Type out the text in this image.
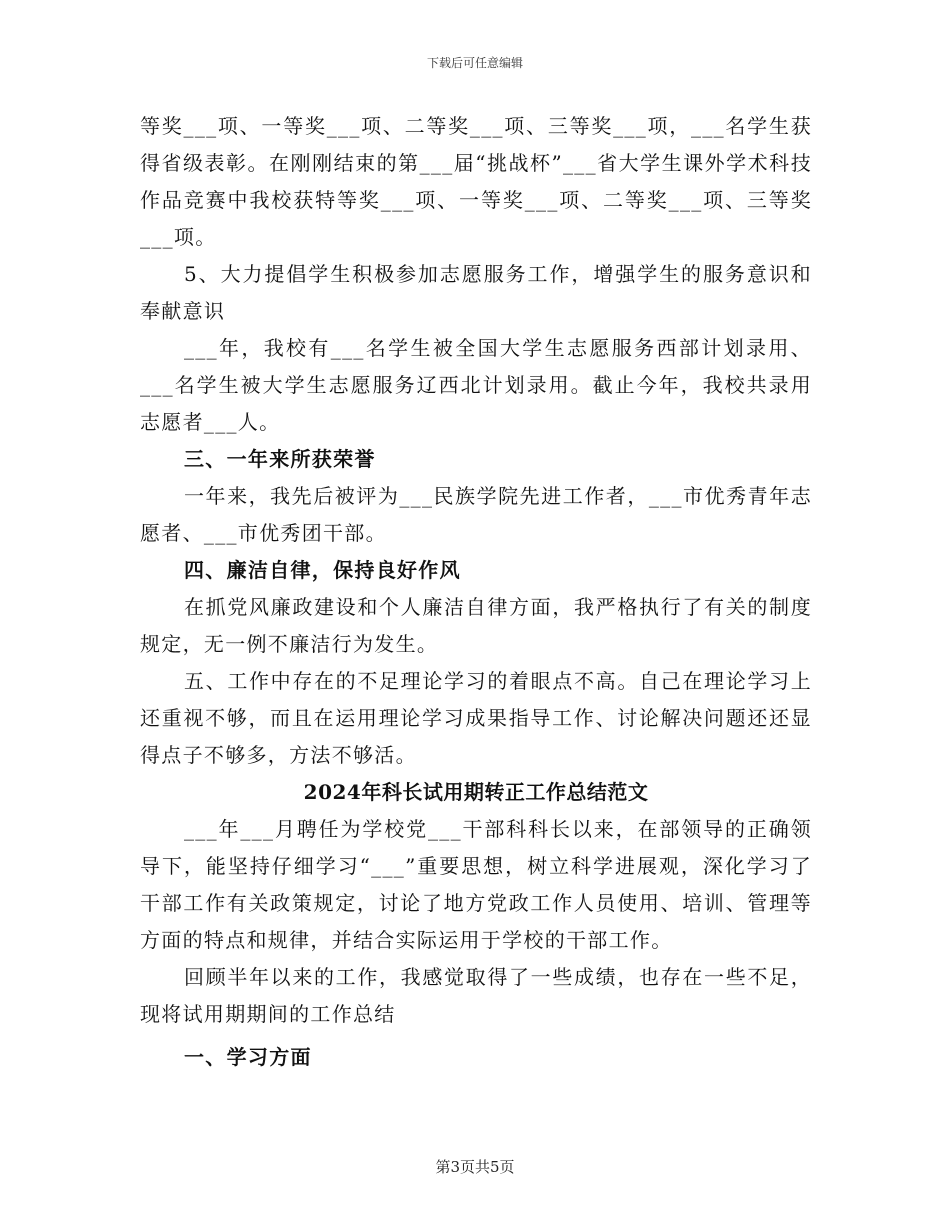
下载后可任意编辑

等奖___项、一等奖___项、二等奖___项、三等奖___项，___名学生获得省级表彰。在刚刚结束的第___届“挑战杯”___省大学生课外学术科技作品竞赛中我校获特等奖___项、一等奖___项、二等奖___项、三等奖___项。

5、大力提倡学生积极参加志愿服务工作，增强学生的服务意识和奉献意识

___年，我校有___名学生被全国大学生志愿服务西部计划录用、___名学生被大学生志愿服务辽西北计划录用。截止今年，我校共录用志愿者___人。

三、一年来所获荣誉

一年来，我先后被评为___民族学院先进工作者，___市优秀青年志愿者、___市优秀团干部。

四、廉洁自律，保持良好作风

在抓党风廉政建设和个人廉洁自律方面，我严格执行了有关的制度规定，无一例不廉洁行为发生。

五、工作中存在的不足理论学习的着眼点不高。自己在理论学习上还重视不够，而且在运用理论学习成果指导工作、讨论解决问题还还显得点子不够多，方法不够活。

2024年科长试用期转正工作总结范文

___年___月聘任为学校党___干部科科长以来，在部领导的正确领导下，能坚持仔细学习“___”重要思想，树立科学进展观，深化学习了干部工作有关政策规定，讨论了地方党政工作人员使用、培训、管理等方面的特点和规律，并结合实际运用于学校的干部工作。

回顾半年以来的工作，我感觉取得了一些成绩，也存在一些不足，现将试用期期间的工作总结

一、学习方面

第3页共5页
